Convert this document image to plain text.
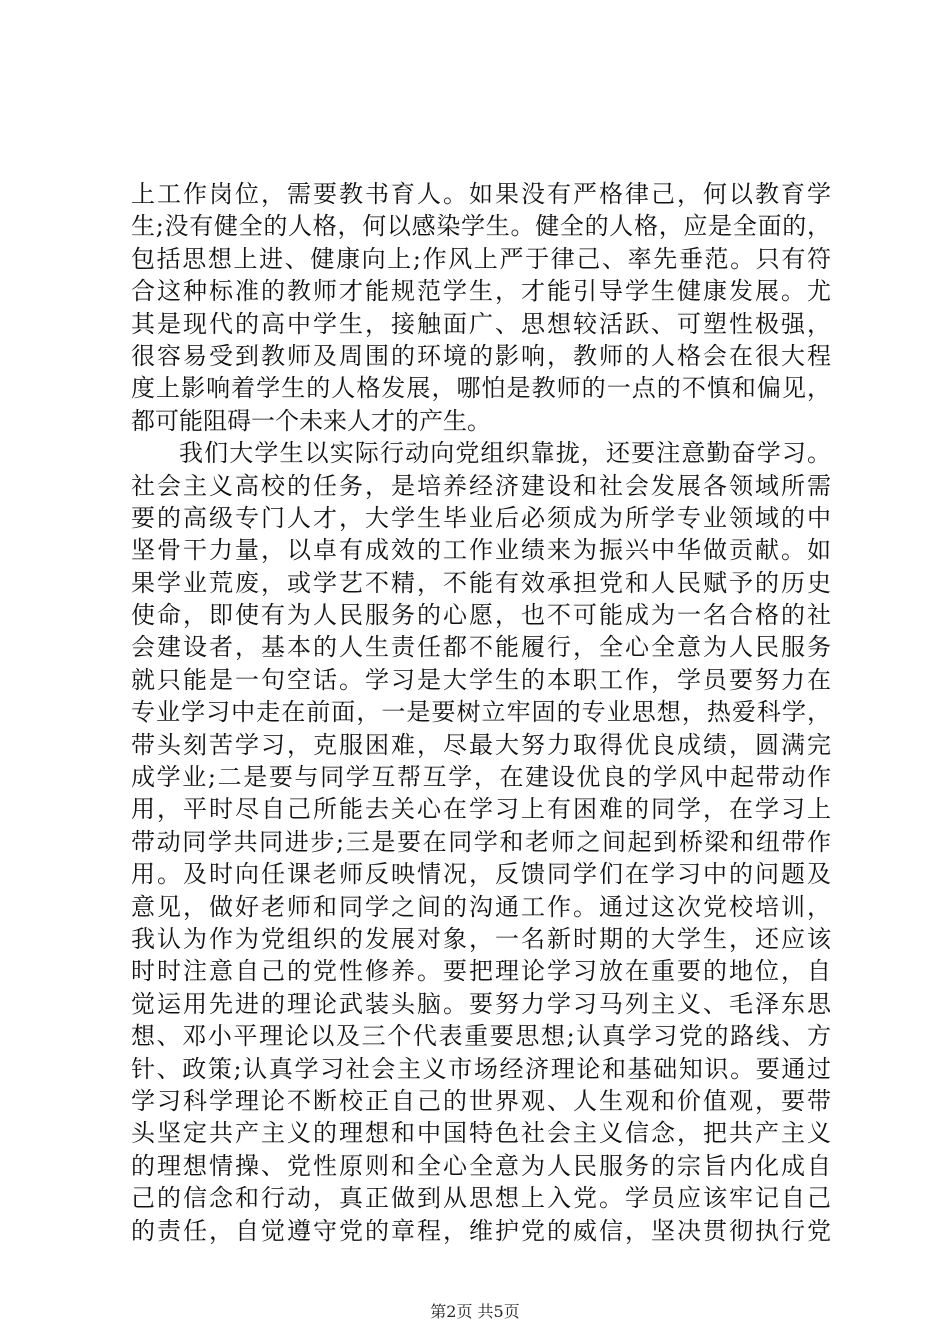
上工作岗位，需要教书育人。如果没有严格律己，何以教育学
生;没有健全的人格，何以感染学生。健全的人格，应是全面的，
包括思想上进、健康向上;作风上严于律己、率先垂范。只有符
合这种标准的教师才能规范学生，才能引导学生健康发展。尤
其是现代的高中学生，接触面广、思想较活跃、可塑性极强，
很容易受到教师及周围的环境的影响，教师的人格会在很大程
度上影响着学生的人格发展，哪怕是教师的一点的不慎和偏见，
都可能阻碍一个未来人才的产生。
我们大学生以实际行动向党组织靠拢，还要注意勤奋学习。
社会主义高校的任务，是培养经济建设和社会发展各领域所需
要的高级专门人才，大学生毕业后必须成为所学专业领域的中
坚骨干力量，以卓有成效的工作业绩来为振兴中华做贡献。如
果学业荒废，或学艺不精，不能有效承担党和人民赋予的历史
使命，即使有为人民服务的心愿，也不可能成为一名合格的社
会建设者，基本的人生责任都不能履行，全心全意为人民服务
就只能是一句空话。学习是大学生的本职工作，学员要努力在
专业学习中走在前面，一是要树立牢固的专业思想，热爱科学，
带头刻苦学习，克服困难，尽最大努力取得优良成绩，圆满完
成学业;二是要与同学互帮互学，在建设优良的学风中起带动作
用，平时尽自己所能去关心在学习上有困难的同学，在学习上
带动同学共同进步;三是要在同学和老师之间起到桥梁和纽带作
用。及时向任课老师反映情况，反馈同学们在学习中的问题及
意见，做好老师和同学之间的沟通工作。通过这次党校培训，
我认为作为党组织的发展对象，一名新时期的大学生，还应该
时时注意自己的党性修养。要把理论学习放在重要的地位，自
觉运用先进的理论武装头脑。要努力学习马列主义、毛泽东思
想、邓小平理论以及三个代表重要思想;认真学习党的路线、方
针、政策;认真学习社会主义市场经济理论和基础知识。要通过
学习科学理论不断校正自己的世界观、人生观和价值观，要带
头坚定共产主义的理想和中国特色社会主义信念，把共产主义
的理想情操、党性原则和全心全意为人民服务的宗旨内化成自
己的信念和行动，真正做到从思想上入党。学员应该牢记自己
的责任，自觉遵守党的章程，维护党的威信，坚决贯彻执行党
第2页 共5页
